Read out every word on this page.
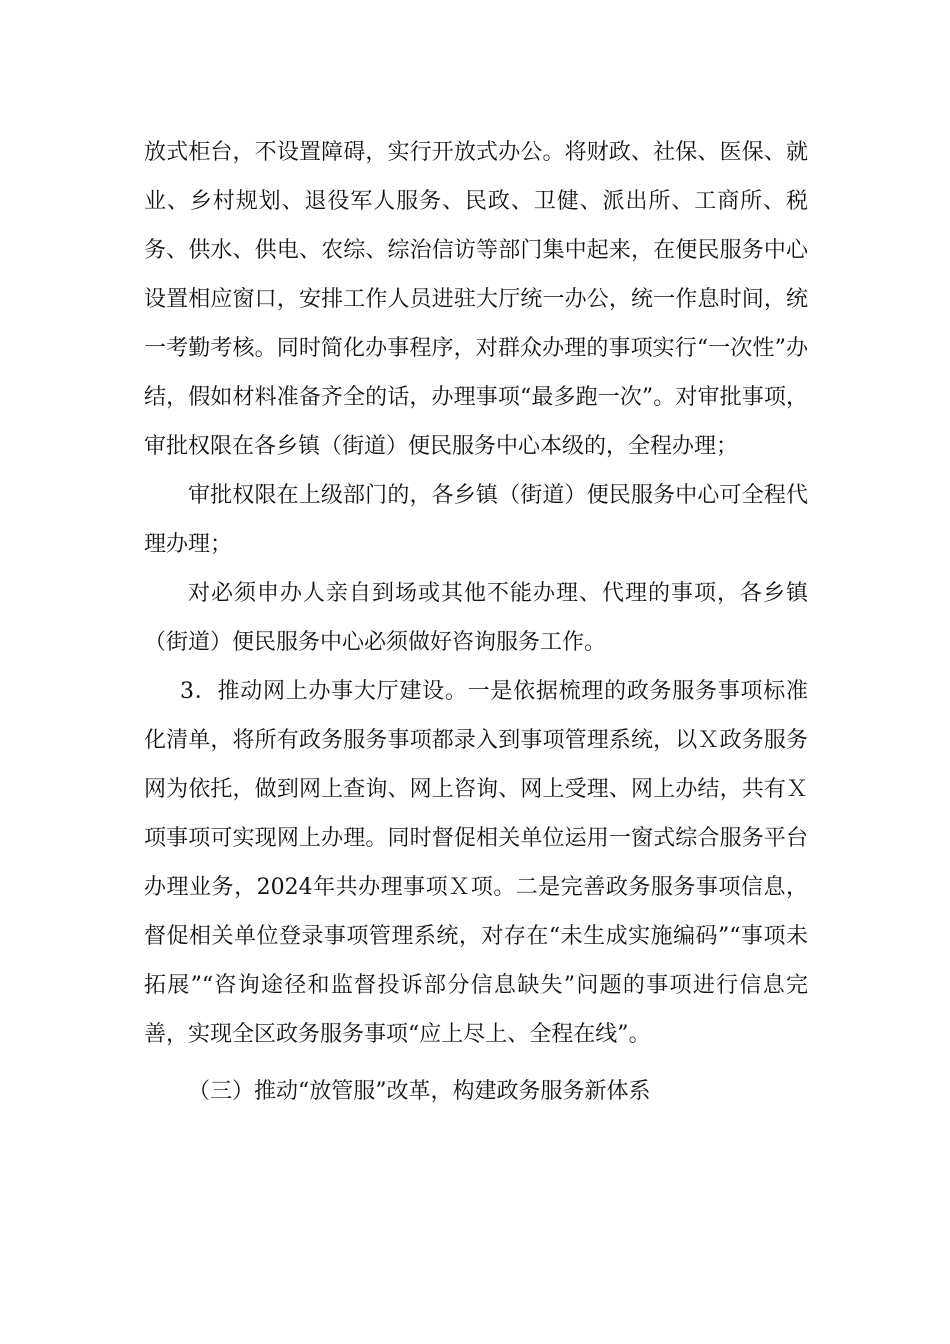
放式柜台，不设置障碍，实行开放式办公。将财政、社保、医保、就业、乡村规划、退役军人服务、民政、卫健、派出所、工商所、税务、供水、供电、农综、综治信访等部门集中起来，在便民服务中心设置相应窗口，安排工作人员进驻大厅统一办公，统一作息时间，统一考勤考核。同时简化办事程序，对群众办理的事项实行“一次性”办结，假如材料准备齐全的话，办理事项“最多跑一次”。对审批事项，审批权限在各乡镇（街道）便民服务中心本级的，全程办理；

审批权限在上级部门的，各乡镇（街道）便民服务中心可全程代理办理；

对必须申办人亲自到场或其他不能办理、代理的事项，各乡镇（街道）便民服务中心必须做好咨询服务工作。

3．推动网上办事大厅建设。一是依据梳理的政务服务事项标准化清单，将所有政务服务事项都录入到事项管理系统，以Ｘ政务服务网为依托，做到网上查询、网上咨询、网上受理、网上办结，共有Ｘ项事项可实现网上办理。同时督促相关单位运用一窗式综合服务平台办理业务，2024年共办理事项Ｘ项。二是完善政务服务事项信息，督促相关单位登录事项管理系统，对存在“未生成实施编码”“事项未拓展”“咨询途径和监督投诉部分信息缺失”问题的事项进行信息完善，实现全区政务服务事项“应上尽上、全程在线”。

（三）推动“放管服”改革，构建政务服务新体系
